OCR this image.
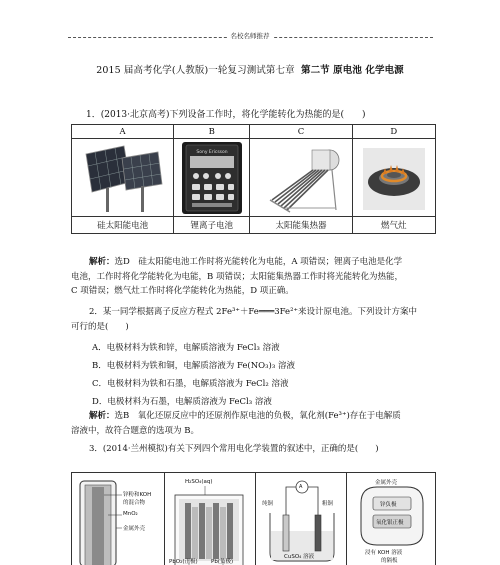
名校名师推荐
2015 届高考化学(人教版)一轮复习测试第七章 第二节 原电池 化学电源
1．(2013·北京高考)下列设备工作时，将化学能转化为热能的是(　　)
A	B	C	D

Sony Ericsson

硅太阳能电池	锂离子电池	太阳能集热器	燃气灶
解析：选D　硅太阳能电池工作时将光能转化为电能，A 项错误；锂离子电池是化学
电池，工作时将化学能转化为电能，B 项错误；太阳能集热器工作时将光能转化为热能，
C 项错误；燃气灶工作时将化学能转化为热能，D 项正确。
2．某一同学根据离子反应方程式 2Fe³⁺＋Fe═══3Fe²⁺来设计原电池。下列设计方案中
可行的是(　　)
A．电极材料为铁和锌，电解质溶液为 FeCl₃ 溶液
B．电极材料为铁和铜，电解质溶液为 Fe(NO₃)₃ 溶液
C．电极材料为铁和石墨，电解质溶液为 FeCl₂ 溶液
D．电极材料为石墨，电解质溶液为 FeCl₃ 溶液
解析：选B　氧化还原反应中的还原剂作原电池的负极，氧化剂(Fe³⁺)存在于电解质
溶液中，故符合题意的选项为 B。
3．(2014·兰州模拟)有关下列四个常用电化学装置的叙述中，正确的是(　　)
锌粉和KOH
的混合物
MnO₂
金属外壳
H₂SO₄(aq)
PbO₂(正极) Pb(负极)
A
纯铜	粗铜
CuSO₄ 溶液
金属外壳
锌负极
氧化银正极
浸有 KOH 溶液
的隔板
